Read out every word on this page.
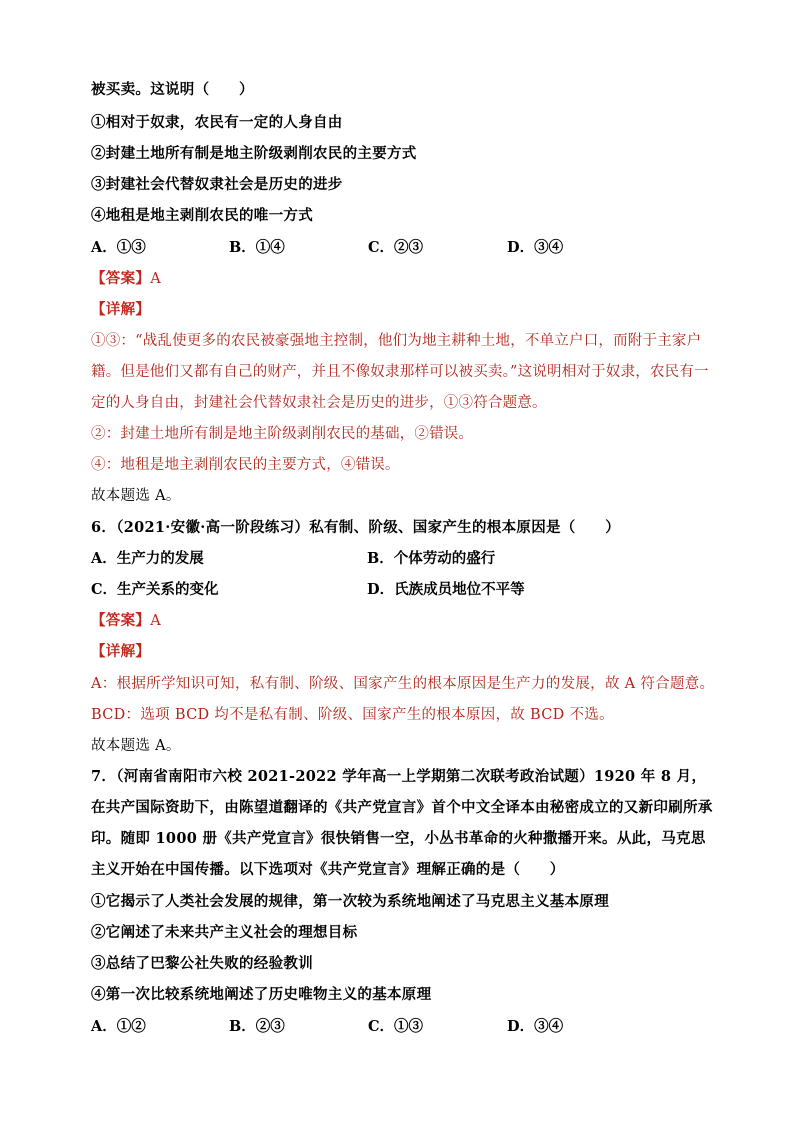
被买卖。这说明（　　）
①相对于奴隶，农民有一定的人身自由
②封建土地所有制是地主阶级剥削农民的主要方式
③封建社会代替奴隶社会是历史的进步
④地租是地主剥削农民的唯一方式
A．①③	B．①④	C．②③	D．③④
【答案】A
【详解】
①③：“战乱使更多的农民被豪强地主控制，他们为地主耕种土地，不单立户口，而附于主家户籍。但是他们又都有自己的财产，并且不像奴隶那样可以被买卖。”这说明相对于奴隶，农民有一定的人身自由，封建社会代替奴隶社会是历史的进步，①③符合题意。
②：封建土地所有制是地主阶级剥削农民的基础，②错误。
④：地租是地主剥削农民的主要方式，④错误。
故本题选 A。
6．（2021·安徽·高一阶段练习）私有制、阶级、国家产生的根本原因是（　　）
A．生产力的发展	B．个体劳动的盛行
C．生产关系的变化	D．氏族成员地位不平等
【答案】A
【详解】
A：根据所学知识可知，私有制、阶级、国家产生的根本原因是生产力的发展，故 A 符合题意。
BCD：选项 BCD 均不是私有制、阶级、国家产生的根本原因，故 BCD 不选。
故本题选 A。
7．（河南省南阳市六校 2021-2022 学年高一上学期第二次联考政治试题）1920 年 8 月，在共产国际资助下，由陈望道翻译的《共产党宣言》首个中文全译本由秘密成立的又新印刷所承印。随即 1000 册《共产党宣言》很快销售一空，小丛书革命的火种撒播开来。从此，马克思主义开始在中国传播。以下选项对《共产党宣言》理解正确的是（　　）
①它揭示了人类社会发展的规律，第一次较为系统地阐述了马克思主义基本原理
②它阐述了未来共产主义社会的理想目标
③总结了巴黎公社失败的经验教训
④第一次比较系统地阐述了历史唯物主义的基本原理
A．①②	B．②③	C．①③	D．③④
